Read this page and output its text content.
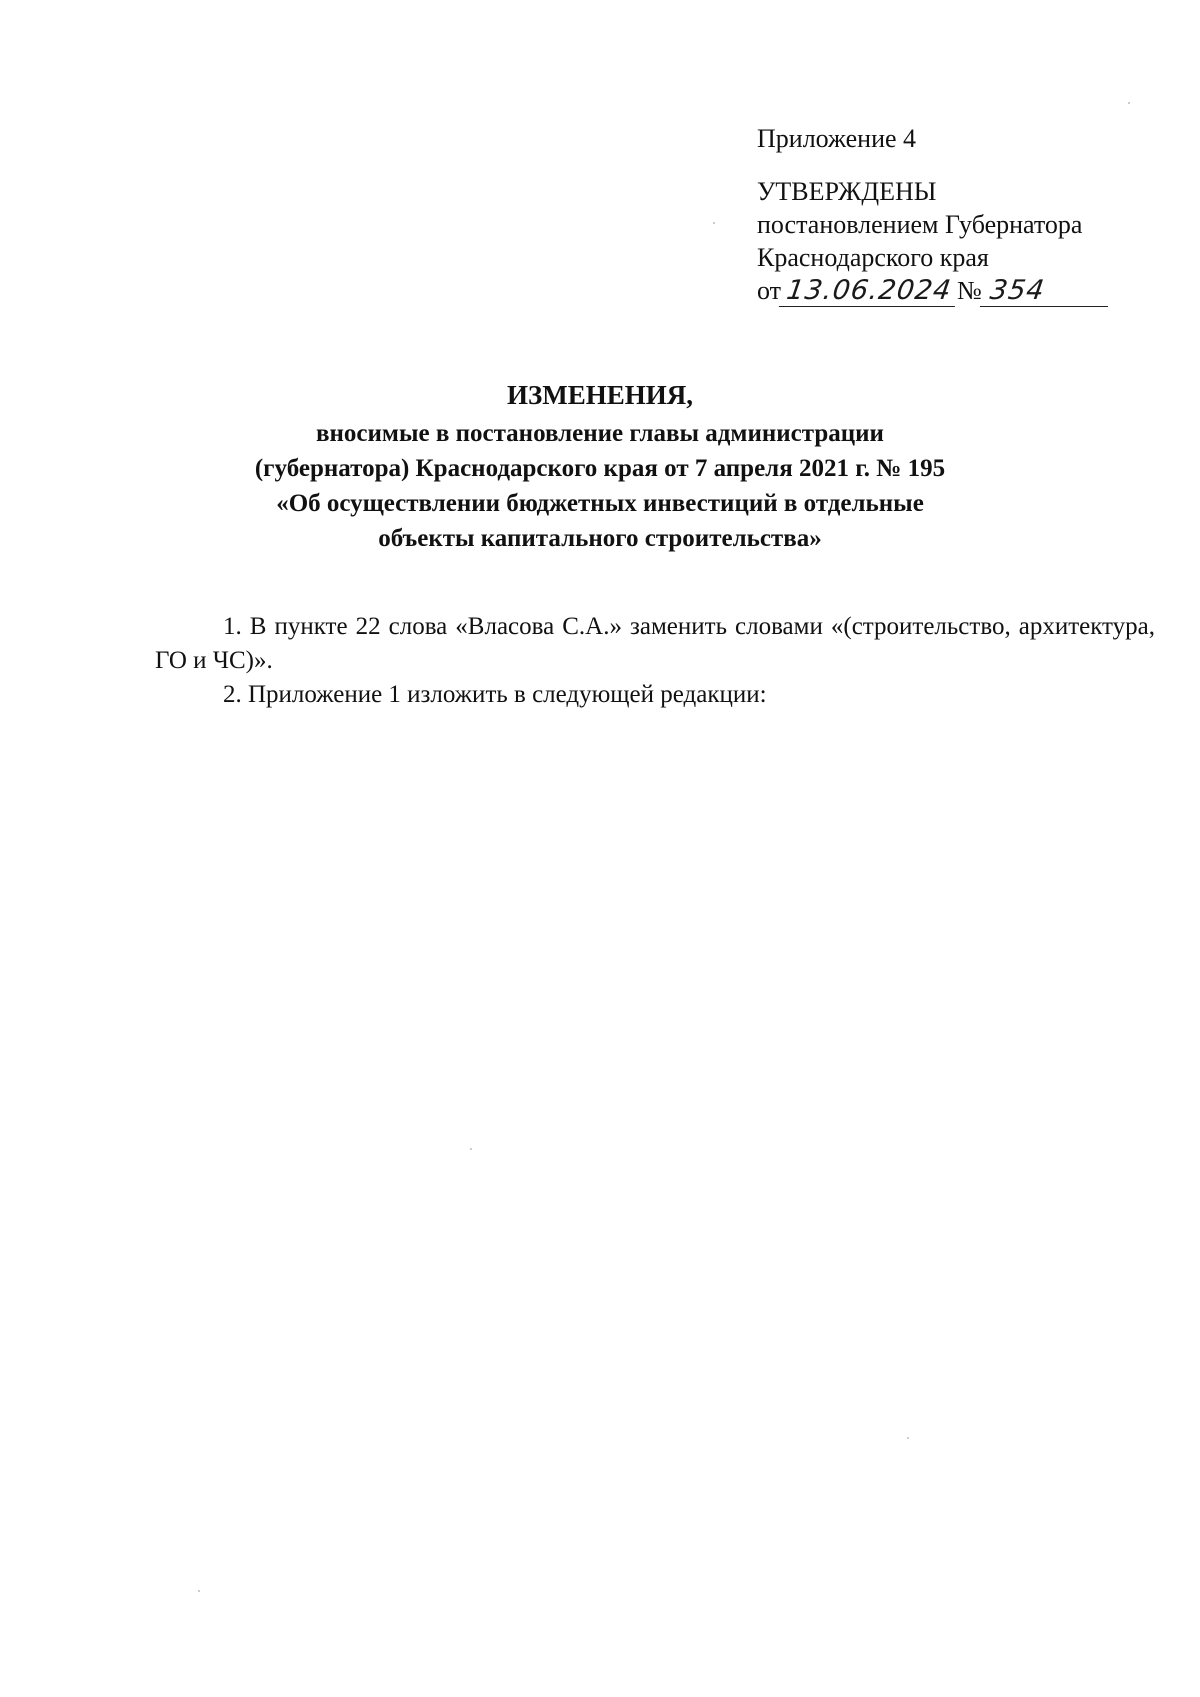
Приложение 4
УТВЕРЖДЕНЫ
постановлением Губернатора
Краснодарского края
от 13.06.2024 № 354
ИЗМЕНЕНИЯ,
вносимые в постановление главы администрации
(губернатора) Краснодарского края от 7 апреля 2021 г. № 195
«Об осуществлении бюджетных инвестиций в отдельные
объекты капитального строительства»

1. В пункте 22 слова «Власова С.А.» заменить словами «(строительство, архитектура, ГО и ЧС)».

2. Приложение 1 изложить в следующей редакции:
